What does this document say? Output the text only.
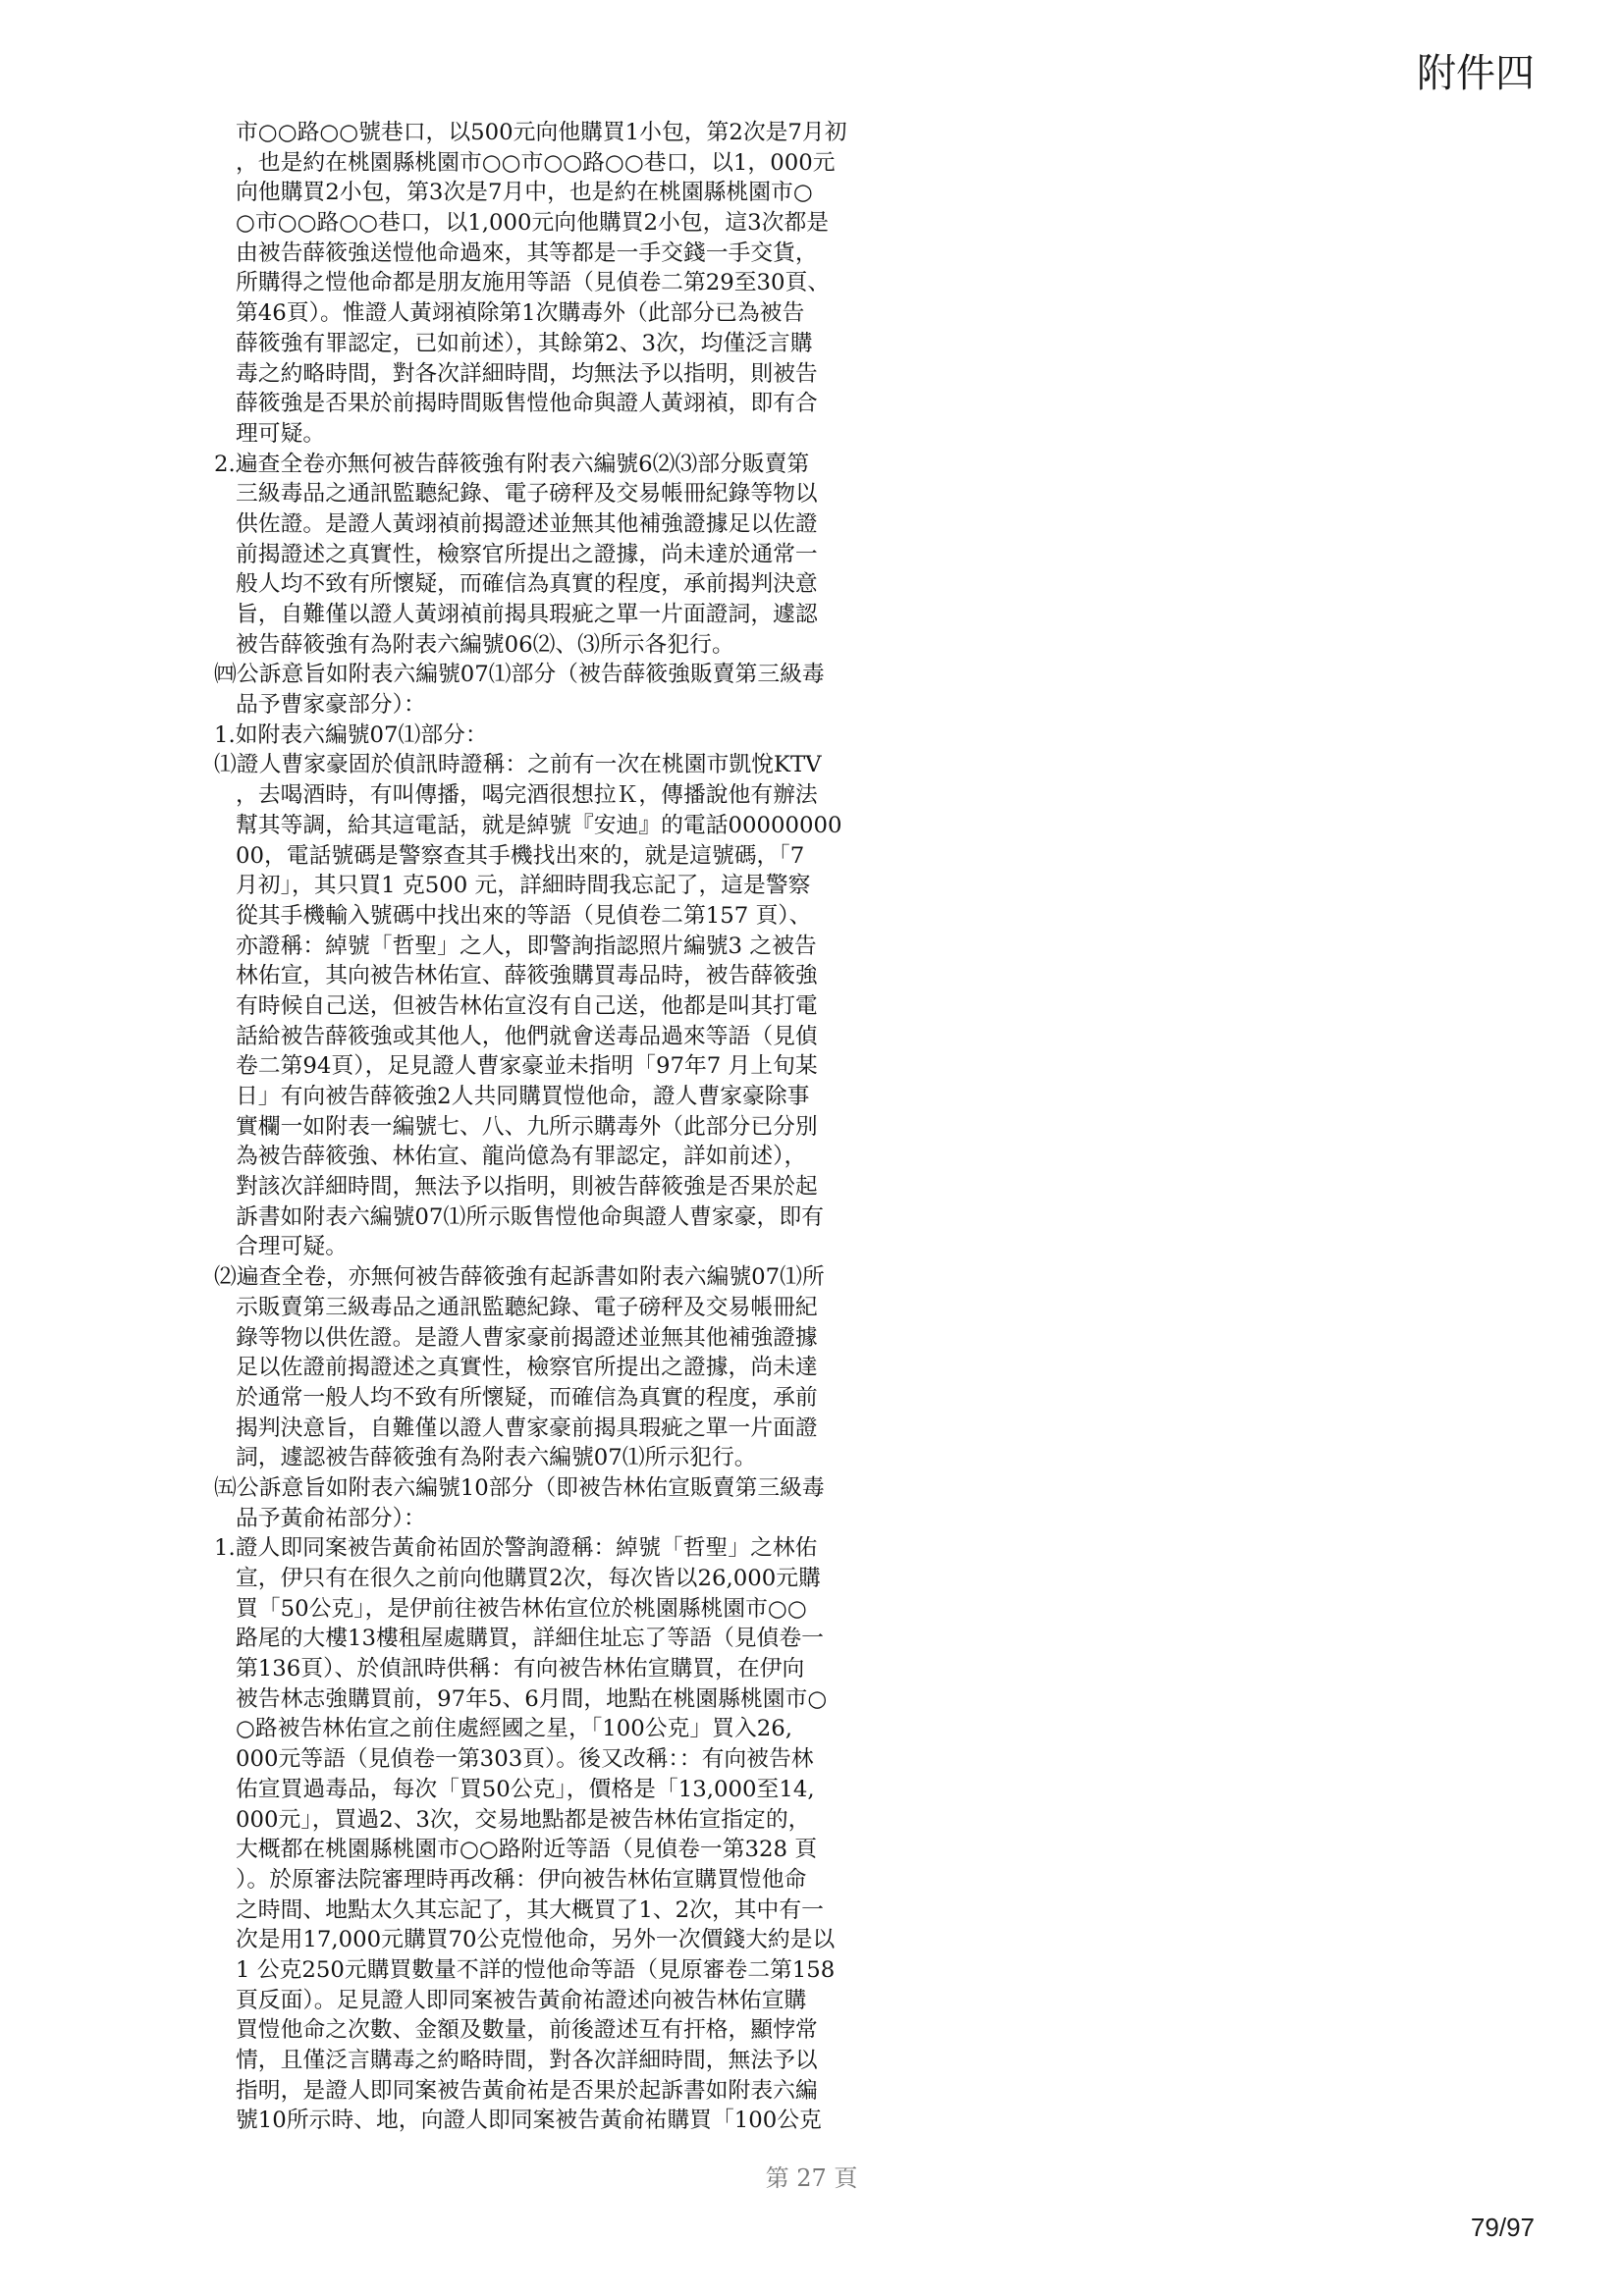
附件四
市○○路○○號巷口，以500元向他購買1小包，第2次是7月初
，也是約在桃園縣桃園市○○市○○路○○巷口，以1，000元
向他購買2小包，第3次是7月中，也是約在桃園縣桃園市○
○市○○路○○巷口，以1,000元向他購買2小包，這3次都是
由被告薛筱強送愷他命過來，其等都是一手交錢一手交貨，
所購得之愷他命都是朋友施用等語（見偵卷二第29至30頁、
第46頁）。惟證人黃翊禎除第1次購毒外（此部分已為被告
薛筱強有罪認定，已如前述），其餘第2、3次，均僅泛言購
毒之約略時間，對各次詳細時間，均無法予以指明，則被告
薛筱強是否果於前揭時間販售愷他命與證人黃翊禎，即有合
理可疑。
2.遍查全卷亦無何被告薛筱強有附表六編號6⑵⑶部分販賣第
三級毒品之通訊監聽紀錄、電子磅秤及交易帳冊紀錄等物以
供佐證。是證人黃翊禎前揭證述並無其他補強證據足以佐證
前揭證述之真實性，檢察官所提出之證據，尚未達於通常一
般人均不致有所懷疑，而確信為真實的程度，承前揭判決意
旨，自難僅以證人黃翊禎前揭具瑕疵之單一片面證詞，遽認
被告薛筱強有為附表六編號06⑵、⑶所示各犯行。
㈣公訴意旨如附表六編號07⑴部分（被告薛筱強販賣第三級毒
品予曹家豪部分）：
1.如附表六編號07⑴部分：
⑴證人曹家豪固於偵訊時證稱：之前有一次在桃園市凱悅KTV
，去喝酒時，有叫傳播，喝完酒很想拉Ｋ，傳播說他有辦法
幫其等調，給其這電話，就是綽號『安迪』的電話00000000
00，電話號碼是警察查其手機找出來的，就是這號碼，「7
月初」，其只買1 克500 元，詳細時間我忘記了，這是警察
從其手機輸入號碼中找出來的等語（見偵卷二第157 頁）、
亦證稱：綽號「哲聖」之人，即警詢指認照片編號3 之被告
林佑宣，其向被告林佑宣、薛筱強購買毒品時，被告薛筱強
有時候自己送，但被告林佑宣沒有自己送，他都是叫其打電
話給被告薛筱強或其他人，他們就會送毒品過來等語（見偵
卷二第94頁），足見證人曹家豪並未指明「97年7 月上旬某
日」有向被告薛筱強2人共同購買愷他命，證人曹家豪除事
實欄一如附表一編號七、八、九所示購毒外（此部分已分別
為被告薛筱強、林佑宣、龍尚億為有罪認定，詳如前述），
對該次詳細時間，無法予以指明，則被告薛筱強是否果於起
訴書如附表六編號07⑴所示販售愷他命與證人曹家豪，即有
合理可疑。
⑵遍查全卷，亦無何被告薛筱強有起訴書如附表六編號07⑴所
示販賣第三級毒品之通訊監聽紀錄、電子磅秤及交易帳冊紀
錄等物以供佐證。是證人曹家豪前揭證述並無其他補強證據
足以佐證前揭證述之真實性，檢察官所提出之證據，尚未達
於通常一般人均不致有所懷疑，而確信為真實的程度，承前
揭判決意旨，自難僅以證人曹家豪前揭具瑕疵之單一片面證
詞，遽認被告薛筱強有為附表六編號07⑴所示犯行。
㈤公訴意旨如附表六編號10部分（即被告林佑宣販賣第三級毒
品予黃俞祐部分）：
1.證人即同案被告黃俞祐固於警詢證稱：綽號「哲聖」之林佑
宣，伊只有在很久之前向他購買2次，每次皆以26,000元購
買「50公克」，是伊前往被告林佑宣位於桃園縣桃園市○○
路尾的大樓13樓租屋處購買，詳細住址忘了等語（見偵卷一
第136頁）、於偵訊時供稱：有向被告林佑宣購買，在伊向
被告林志強購買前，97年5、6月間，地點在桃園縣桃園市○
○路被告林佑宣之前住處經國之星，「100公克」買入26,
000元等語（見偵卷一第303頁）。後又改稱：：有向被告林
佑宣買過毒品，每次「買50公克」，價格是「13,000至14,
000元」，買過2、3次，交易地點都是被告林佑宣指定的，
大概都在桃園縣桃園市○○路附近等語（見偵卷一第328 頁
）。於原審法院審理時再改稱：伊向被告林佑宣購買愷他命
之時間、地點太久其忘記了，其大概買了1、2次，其中有一
次是用17,000元購買70公克愷他命，另外一次價錢大約是以
1 公克250元購買數量不詳的愷他命等語（見原審卷二第158
頁反面）。足見證人即同案被告黃俞祐證述向被告林佑宣購
買愷他命之次數、金額及數量，前後證述互有扞格，顯悖常
情，且僅泛言購毒之約略時間，對各次詳細時間，無法予以
指明，是證人即同案被告黃俞祐是否果於起訴書如附表六編
號10所示時、地，向證人即同案被告黃俞祐購買「100公克
第 27 頁
79/97
